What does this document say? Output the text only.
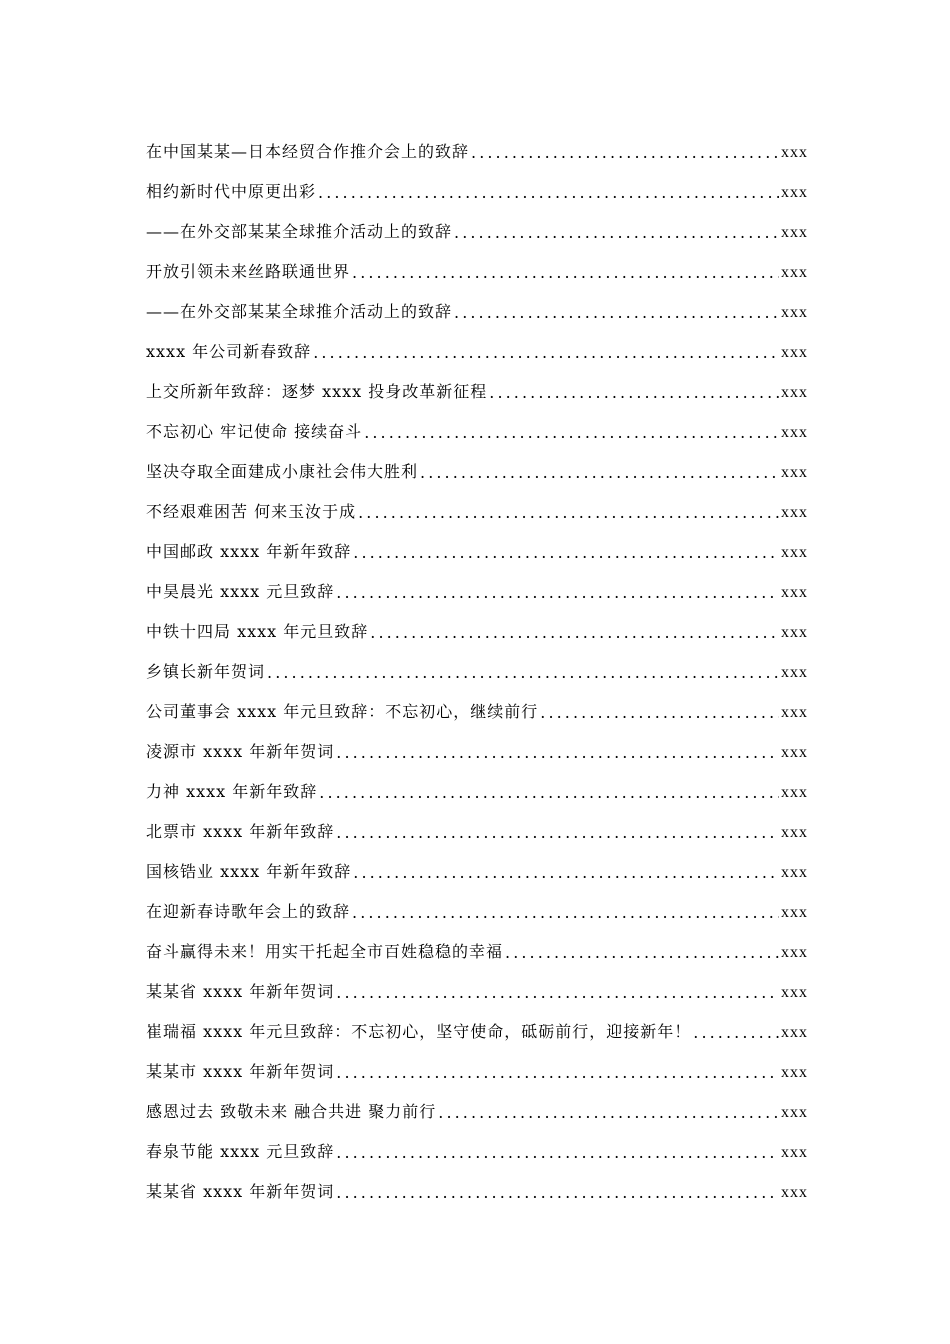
在中国某某—日本经贸合作推介会上的致辞 . . .	xxx
相约新时代中原更出彩 . . .	xxx
——在外交部某某全球推介活动上的致辞 . . .	xxx
开放引领未来丝路联通世界 . . .	xxx
——在外交部某某全球推介活动上的致辞 . . .	xxx
xxxx 年公司新春致辞 . . .	xxx
上交所新年致辞：逐梦 xxxx 投身改革新征程 . . .	xxx
不忘初心 牢记使命 接续奋斗 . . .	xxx
坚决夺取全面建成小康社会伟大胜利 . . .	xxx
不经艰难困苦 何来玉汝于成 . . .	xxx
中国邮政 xxxx 年新年致辞 . . .	xxx
中昊晨光 xxxx 元旦致辞 . . .	xxx
中铁十四局 xxxx 年元旦致辞 . . .	xxx
乡镇长新年贺词 . . .	xxx
公司董事会 xxxx 年元旦致辞：不忘初心，继续前行 . . .	xxx
凌源市 xxxx 年新年贺词 . . .	xxx
力神 xxxx 年新年致辞 . . .	xxx
北票市 xxxx 年新年致辞 . . .	xxx
国核锆业 xxxx 年新年致辞 . . .	xxx
在迎新春诗歌年会上的致辞 . . .	xxx
奋斗赢得未来！用实干托起全市百姓稳稳的幸福 . . .	xxx
某某省 xxxx 年新年贺词 . . .	xxx
崔瑞福 xxxx 年元旦致辞：不忘初心，坚守使命，砥砺前行，迎接新年！ . . .	xxx
某某市 xxxx 年新年贺词 . . .	xxx
感恩过去 致敬未来 融合共进 聚力前行 . . .	xxx
春泉节能 xxxx 元旦致辞 . . .	xxx
某某省 xxxx 年新年贺词 . . .	xxx
